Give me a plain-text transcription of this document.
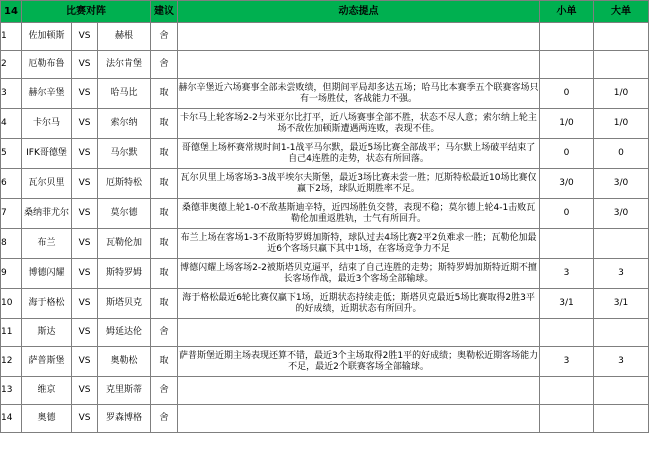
14	比赛对阵			建议	动态提点	小单	大单
1	佐加顿斯	VS	赫根	舍			
2	厄勒布鲁	VS	法尔肯堡	舍			
3	赫尔辛堡	VS	哈马比	取	赫尔辛堡近六场赛事全部未尝败绩，但期间平局却多达五场；哈马比本赛季五个联赛客场只有一场胜仗，客战能力不强。	0	1/0
4	卡尔马	VS	索尔纳	取	卡尔马上轮客场2-2与米亚尔比打平，近八场赛事全部不胜，状态不尽人意；索尔纳上轮主场不敌佐加顿斯遭遇两连败，表现不佳。	1/0	1/0
5	IFK哥德堡	VS	马尔默	取	哥德堡上场杯赛常规时间1-1战平马尔默，最近5场比赛全部战平；马尔默上场破平结束了自己4连胜的走势，状态有所回落。	0	0
6	瓦尔贝里	VS	厄斯特松	取	瓦尔贝里上场客场3-3战平埃尔夫斯堡，最近3场比赛未尝一胜；厄斯特松最近10场比赛仅赢下2场，球队近期胜率不足。	3/0	3/0
7	桑纳菲尤尔	VS	莫尔德	取	桑德菲奥德上轮1-0不敌基斯迪辛特，近四场胜负交替，表现不稳；莫尔德上轮4-1击败瓦勒伦加重返胜轨，士气有所回升。	0	3/0
8	布兰	VS	瓦勒伦加	取	布兰上场在客场1-3不敌斯特罗姆加斯特，球队过去4场比赛2平2负难求一胜；瓦勒伦加最近6个客场只赢下其中1场，在客场竞争力不足		
9	博德闪耀	VS	斯特罗姆	取	博德闪耀上场客场2-2被斯塔贝克逼平，结束了自己连胜的走势；斯特罗姆加斯特近期不擅长客场作战，最近3个客场全部输球。	3	3
10	海于格松	VS	斯塔贝克	取	海于格松最近6轮比赛仅赢下1场，近期状态持续走低；斯塔贝克最近5场比赛取得2胜3平的好成绩，近期状态有所回升。	3/1	3/1
11	斯达	VS	姆延达伦	舍			
12	萨普斯堡	VS	奥勒松	取	萨普斯堡近期主场表现还算不错，最近3个主场取得2胜1平的好成绩；奥勒松近期客场能力不足，最近2个联赛客场全部输球。	3	3
13	维京	VS	克里斯蒂	舍			
14	奥德	VS	罗森博格	舍			
